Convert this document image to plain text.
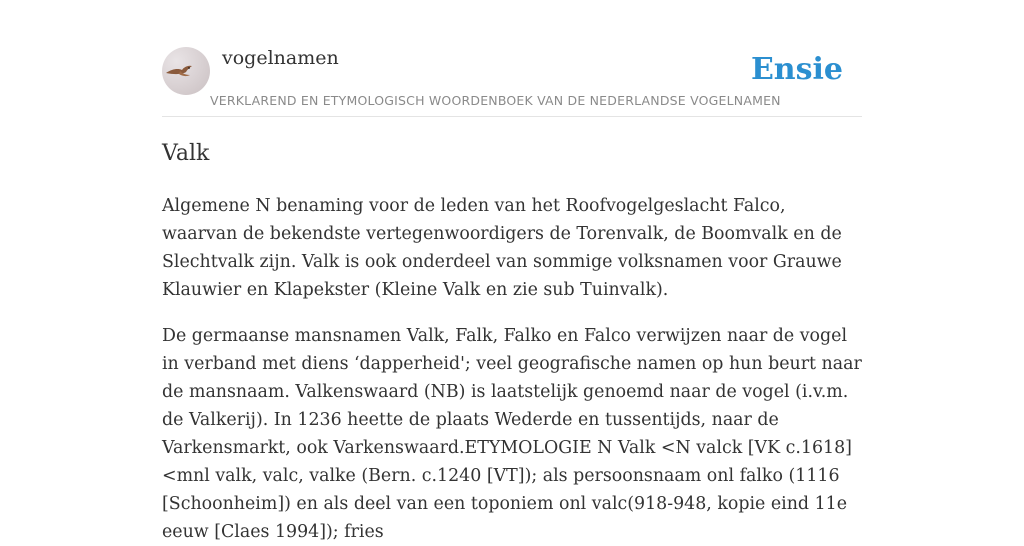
vogelnamen	Ensie
VERKLAREND EN ETYMOLOGISCH WOORDENBOEK VAN DE NEDERLANDSE VOGELNAMEN
Valk

Algemene N benaming voor de leden van het Roofvogelgeslacht Falco, waarvan de bekendste vertegenwoordigers de Torenvalk, de Boomvalk en de Slechtvalk zijn. Valk is ook onderdeel van sommige volksnamen voor Grauwe Klauwier en Klapekster (Kleine Valk en zie sub Tuinvalk).

De germaanse mansnamen Valk, Falk, Falko en Falco verwijzen naar de vogel in verband met diens ‘dapperheid'; veel geografische namen op hun beurt naar de mansnaam. Valkenswaard (NB) is laatstelijk genoemd naar de vogel (i.v.m. de Valkerij). In 1236 heette de plaats Wederde en tussentijds, naar de Varkensmarkt, ook Varkenswaard.ETYMOLOGIE N Valk <N valck [VK c.1618] <mnl valk, valc, valke (Bern. c.1240 [VT]); als persoonsnaam onl falko (1116 [Schoonheim]) en als deel van een toponiem onl valc(918-948, kopie eind 11e eeuw [Claes 1994]); fries
